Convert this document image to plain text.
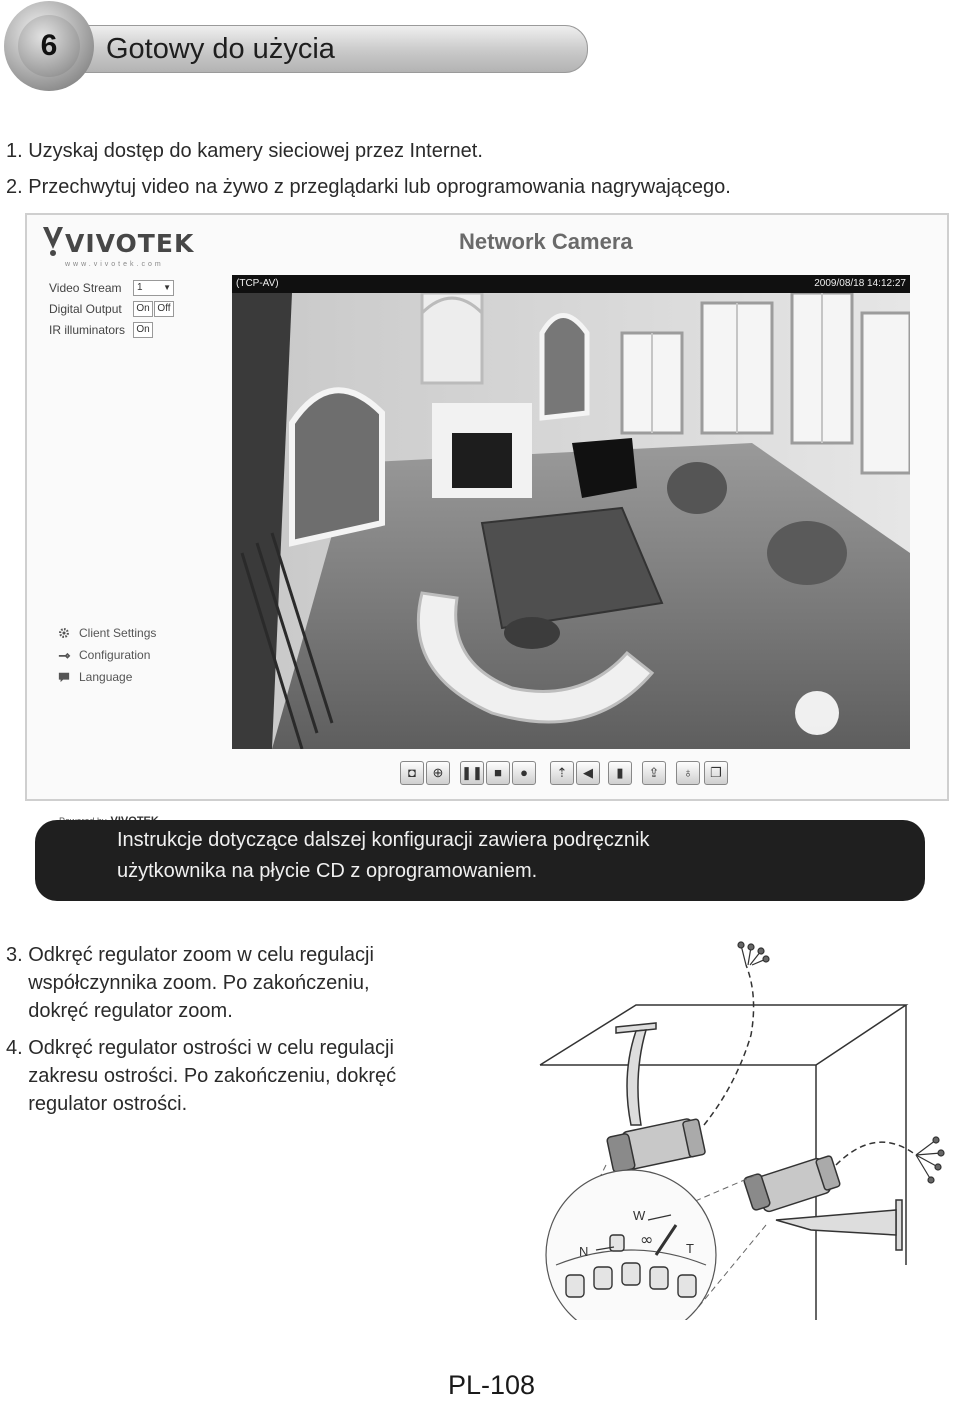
Gotowy do użycia
6
1. Uzyskaj dostęp do kamery sieciowej przez Internet.
2. Przechwytuj video na żywo z przeglądarki lub oprogramowania nagrywającego.
VIVOTEK
www.vivotek.com
Network Camera
Video Stream	1	▼
Digital Output	On Off
IR illuminators	On
Client Settings
Configuration
Language
(TCP-AV)	2009/08/18 14:12:27
◘	⊕	❚❚ ■	●	⇡	◀	▮	⇪	♁	❐
Instrukcje dotyczące dalszej konfiguracji zawiera podręcznik
użytkownika na płycie CD z oprogramowaniem.
3. Odkręć regulator zoom w celu regulacji
współczynnika zoom. Po zakończeniu,
dokręć regulator zoom.
4. Odkręć regulator ostrości w celu regulacji
zakresu ostrości. Po zakończeniu, dokręć
regulator ostrości.
W
N	T
∞
PL-108
